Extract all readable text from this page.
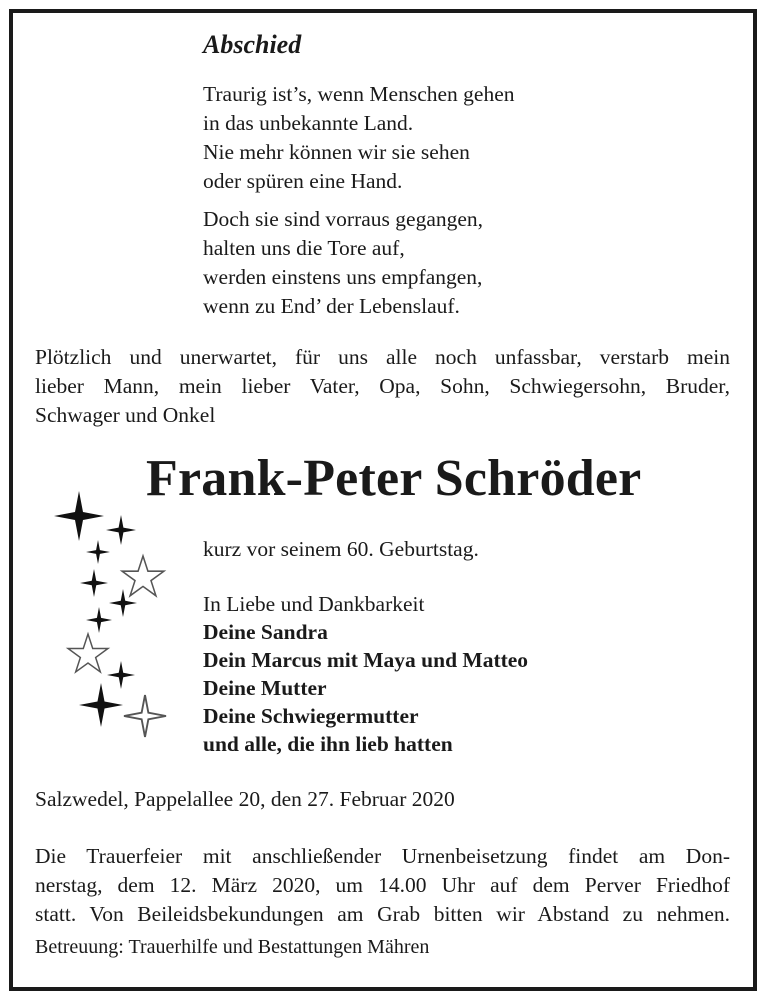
Abschied
Traurig ist’s, wenn Menschen gehen
in das unbekannte Land.
Nie mehr können wir sie sehen
oder spüren eine Hand.
Doch sie sind vorraus gegangen,
halten uns die Tore auf,
werden einstens uns empfangen,
wenn zu End’ der Lebenslauf.
Plötzlich und unerwartet, für uns alle noch unfassbar, verstarb mein
lieber Mann, mein lieber Vater, Opa, Sohn, Schwiegersohn, Bruder,
Schwager und Onkel
Frank-Peter Schröder
kurz vor seinem 60. Geburtstag.
In Liebe und Dankbarkeit
Deine Sandra
Dein Marcus mit Maya und Matteo
Deine Mutter
Deine Schwiegermutter
und alle, die ihn lieb hatten
Salzwedel, Pappelallee 20, den 27. Februar 2020
Die Trauerfeier mit anschließender Urnenbeisetzung findet am Don-
nerstag, dem 12. März 2020, um 14.00 Uhr auf dem Perver Friedhof
statt. Von Beileidsbekundungen am Grab bitten wir Abstand zu nehmen.
Betreuung: Trauerhilfe und Bestattungen Mähren
